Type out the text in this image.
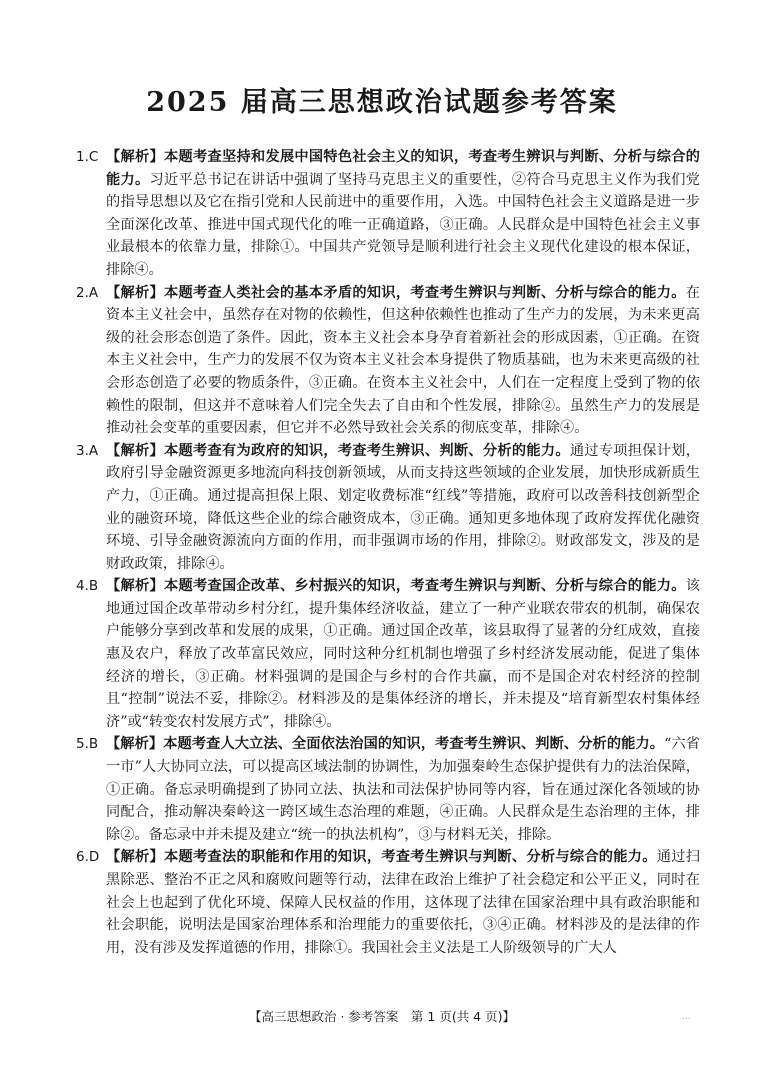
2025 届高三思想政治试题参考答案
1.C 【解析】本题考查坚持和发展中国特色社会主义的知识，考查考生辨识与判断、分析与综合的能力。习近平总书记在讲话中强调了坚持马克思主义的重要性，②符合马克思主义作为我们党的指导思想以及它在指引党和人民前进中的重要作用，入选。中国特色社会主义道路是进一步全面深化改革、推进中国式现代化的唯一正确道路，③正确。人民群众是中国特色社会主义事业最根本的依靠力量，排除①。中国共产党领导是顺利进行社会主义现代化建设的根本保证，排除④。
2.A 【解析】本题考查人类社会的基本矛盾的知识，考查考生辨识与判断、分析与综合的能力。在资本主义社会中，虽然存在对物的依赖性，但这种依赖性也推动了生产力的发展，为未来更高级的社会形态创造了条件。因此，资本主义社会本身孕育着新社会的形成因素，①正确。在资本主义社会中，生产力的发展不仅为资本主义社会本身提供了物质基础，也为未来更高级的社会形态创造了必要的物质条件，③正确。在资本主义社会中，人们在一定程度上受到了物的依赖性的限制，但这并不意味着人们完全失去了自由和个性发展，排除②。虽然生产力的发展是推动社会变革的重要因素，但它并不必然导致社会关系的彻底变革，排除④。
3.A 【解析】本题考查有为政府的知识，考查考生辨识、判断、分析的能力。通过专项担保计划，政府引导金融资源更多地流向科技创新领域，从而支持这些领域的企业发展，加快形成新质生产力，①正确。通过提高担保上限、划定收费标准“红线”等措施，政府可以改善科技创新型企业的融资环境，降低这些企业的综合融资成本，③正确。通知更多地体现了政府发挥优化融资环境、引导金融资源流向方面的作用，而非强调市场的作用，排除②。财政部发文，涉及的是财政政策，排除④。
4.B 【解析】本题考查国企改革、乡村振兴的知识，考查考生辨识与判断、分析与综合的能力。该地通过国企改革带动乡村分红，提升集体经济收益，建立了一种产业联农带农的机制，确保农户能够分享到改革和发展的成果，①正确。通过国企改革，该县取得了显著的分红成效，直接惠及农户，释放了改革富民效应，同时这种分红机制也增强了乡村经济发展动能，促进了集体经济的增长，③正确。材料强调的是国企与乡村的合作共赢，而不是国企对农村经济的控制且“控制”说法不妥，排除②。材料涉及的是集体经济的增长，并未提及“培育新型农村集体经济”或“转变农村发展方式”，排除④。
5.B 【解析】本题考查人大立法、全面依法治国的知识，考查考生辨识、判断、分析的能力。“六省一市”人大协同立法，可以提高区域法制的协调性，为加强秦岭生态保护提供有力的法治保障，①正确。备忘录明确提到了协同立法、执法和司法保护协同等内容，旨在通过深化各领域的协同配合，推动解决秦岭这一跨区域生态治理的难题，④正确。人民群众是生态治理的主体，排除②。备忘录中并未提及建立“统一的执法机构”，③与材料无关，排除。
6.D 【解析】本题考查法的职能和作用的知识，考查考生辨识与判断、分析与综合的能力。通过扫黑除恶、整治不正之风和腐败问题等行动，法律在政治上维护了社会稳定和公平正义，同时在社会上也起到了优化环境、保障人民权益的作用，这体现了法律在国家治理中具有政治职能和社会职能，说明法是国家治理体系和治理能力的重要依托，③④正确。材料涉及的是法律的作用，没有涉及发挥道德的作用，排除①。我国社会主义法是工人阶级领导的广大人
【高三思想政治 · 参考答案　第 1 页(共 4 页)】	...
